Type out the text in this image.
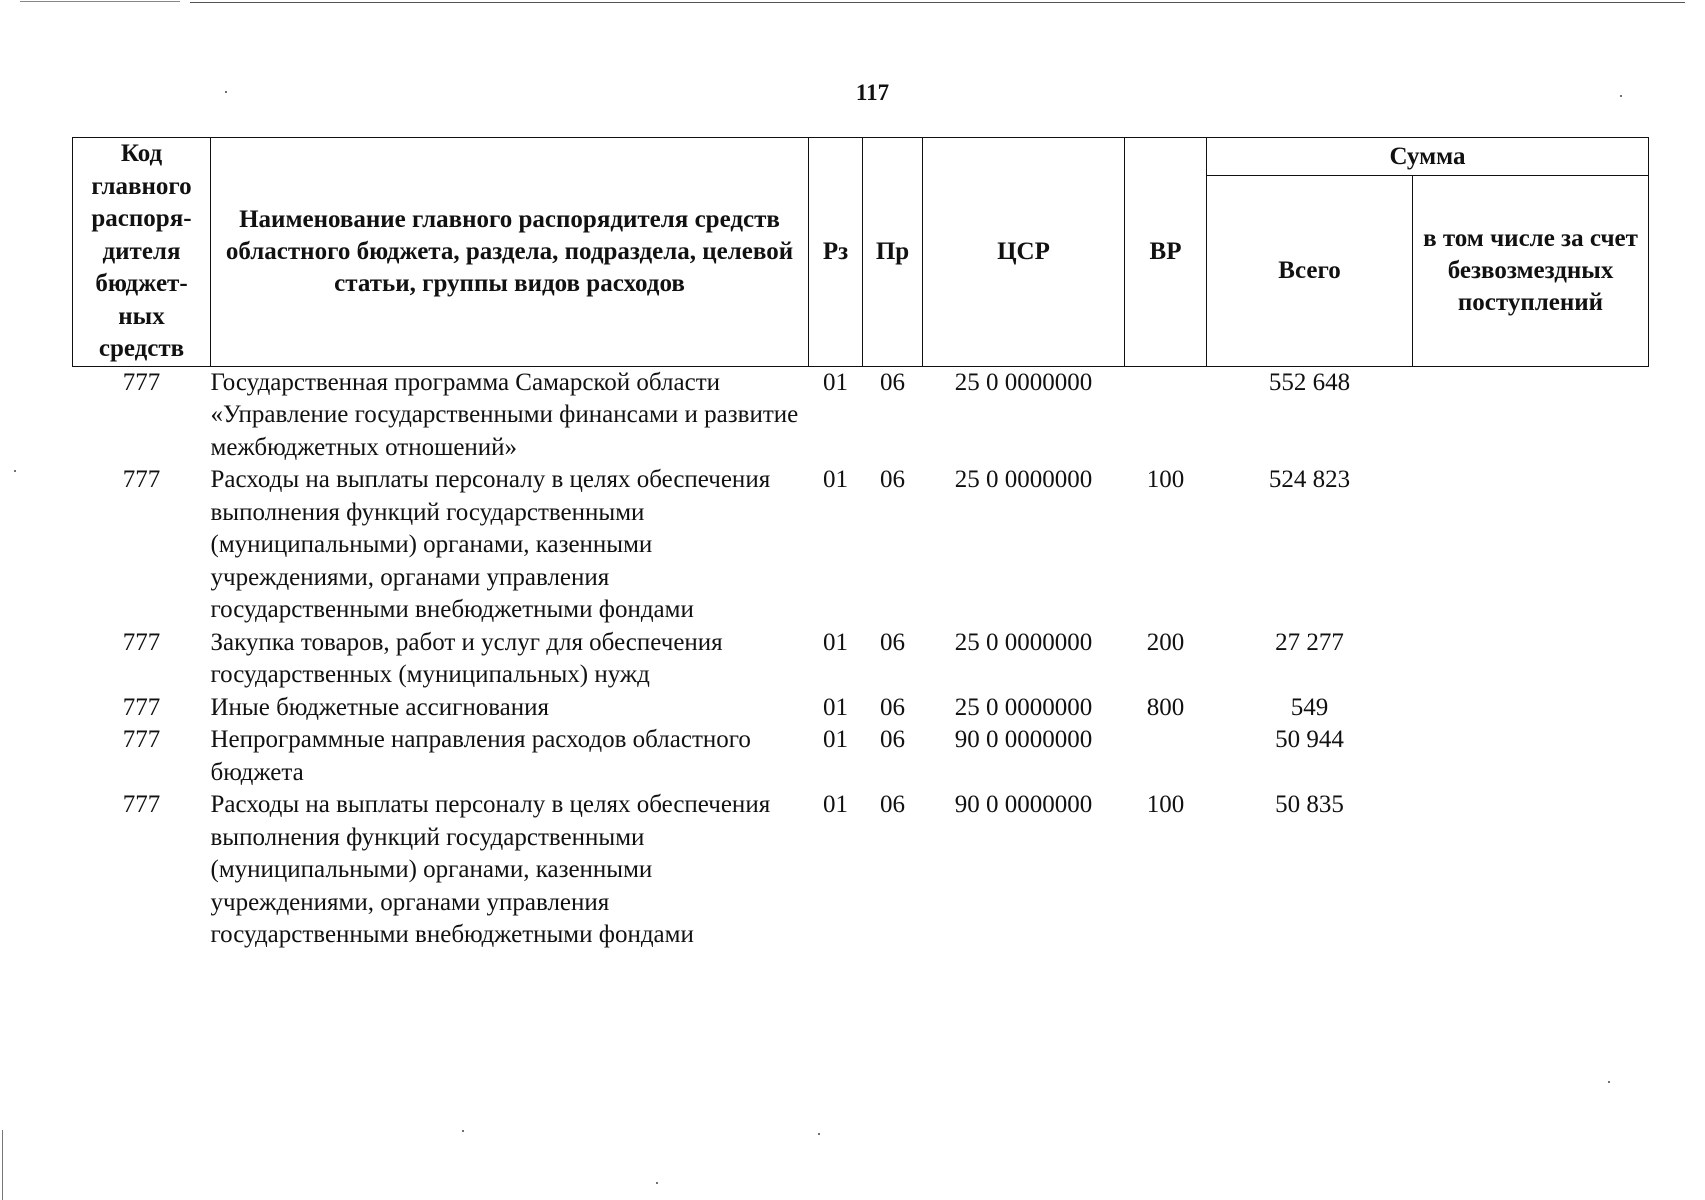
117
Код главного распоря-дителя бюджет-ных средств	Наименование главного распорядителя средств областного бюджета, раздела, подраздела, целевой статьи, группы видов расходов	Рз	Пр	ЦСР	ВР	Сумма	
						Всего	в том числе за счет безвозмездных поступлений
777	Государственная программа Самарской области «Управление государственными финансами и развитие межбюджетных отношений»	01	06	25 0 0000000		552 648	
777	Расходы на выплаты персоналу в целях обеспечения выполнения функций государственными (муниципальными) органами, казенными учреждениями, органами управления государственными внебюджетными фондами	01	06	25 0 0000000	100	524 823	
777	Закупка товаров, работ и услуг для обеспечения государственных (муниципальных) нужд	01	06	25 0 0000000	200	27 277	
777	Иные бюджетные ассигнования	01	06	25 0 0000000	800	549	
777	Непрограммные направления расходов областного бюджета	01	06	90 0 0000000		50 944	
777	Расходы на выплаты персоналу в целях обеспечения выполнения функций государственными (муниципальными) органами, казенными учреждениями, органами управления государственными внебюджетными фондами	01	06	90 0 0000000	100	50 835	
